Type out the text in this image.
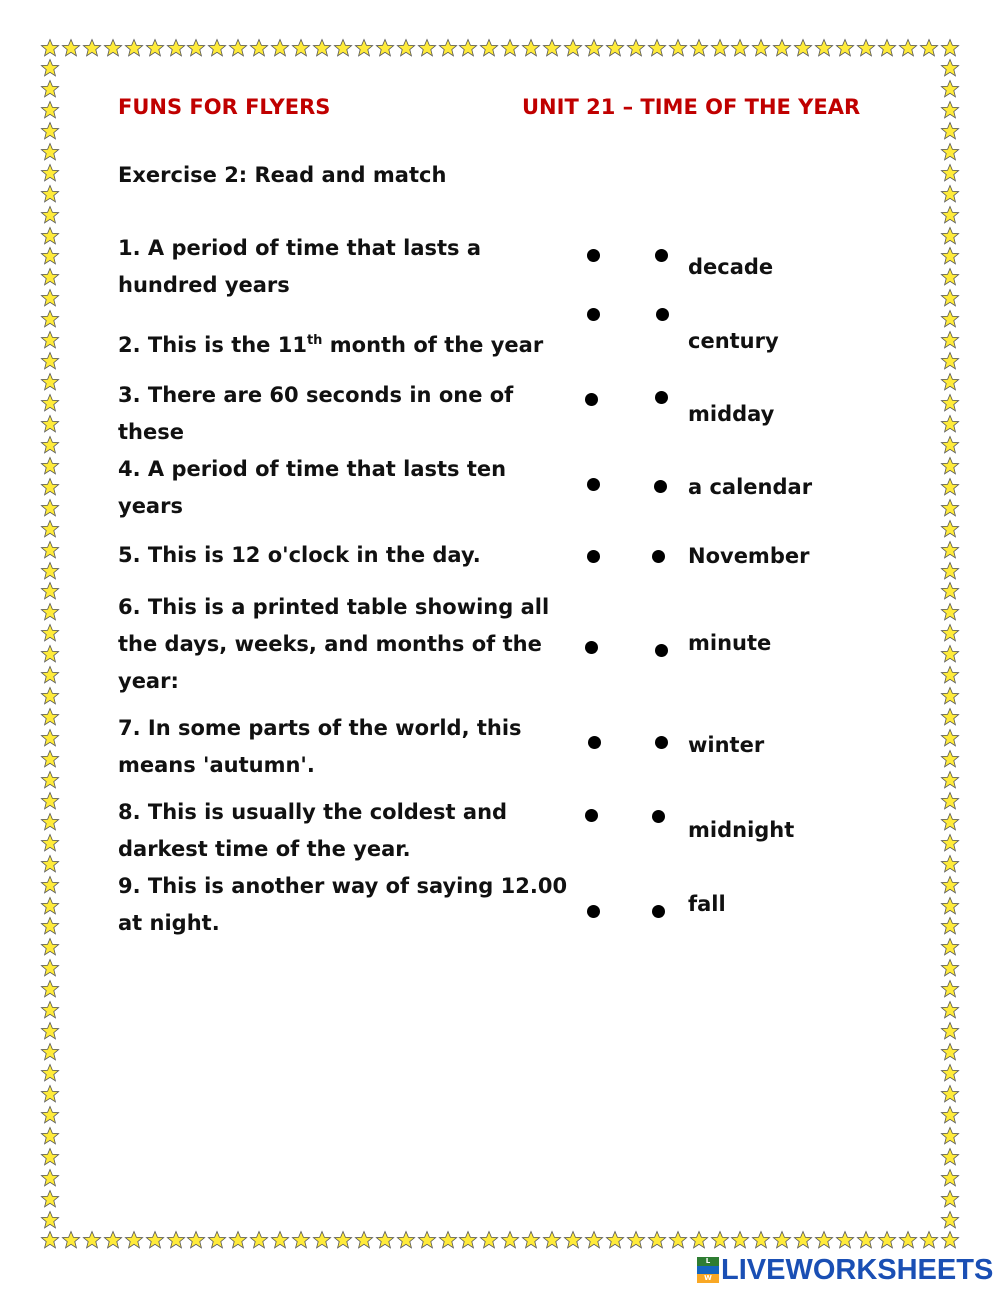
FUNS FOR FLYERS	UNIT 21 – TIME OF THE YEAR
Exercise 2: Read and match
1. A period of time that lasts a
hundred years
2. This is the 11th month of the year
3. There are 60 seconds in one of
these
4. A period of time that lasts ten
years
5. This is 12 o'clock in the day.
6. This is a printed table showing all
the days, weeks, and months of the
year:
7. In some parts of the world, this
means 'autumn'.
8. This is usually the coldest and
darkest time of the year.
9. This is another way of saying 12.00
at night.
decade
century
midday
a calendar
November
minute
winter
midnight
fall
L
W LIVEWORKSHEETS
